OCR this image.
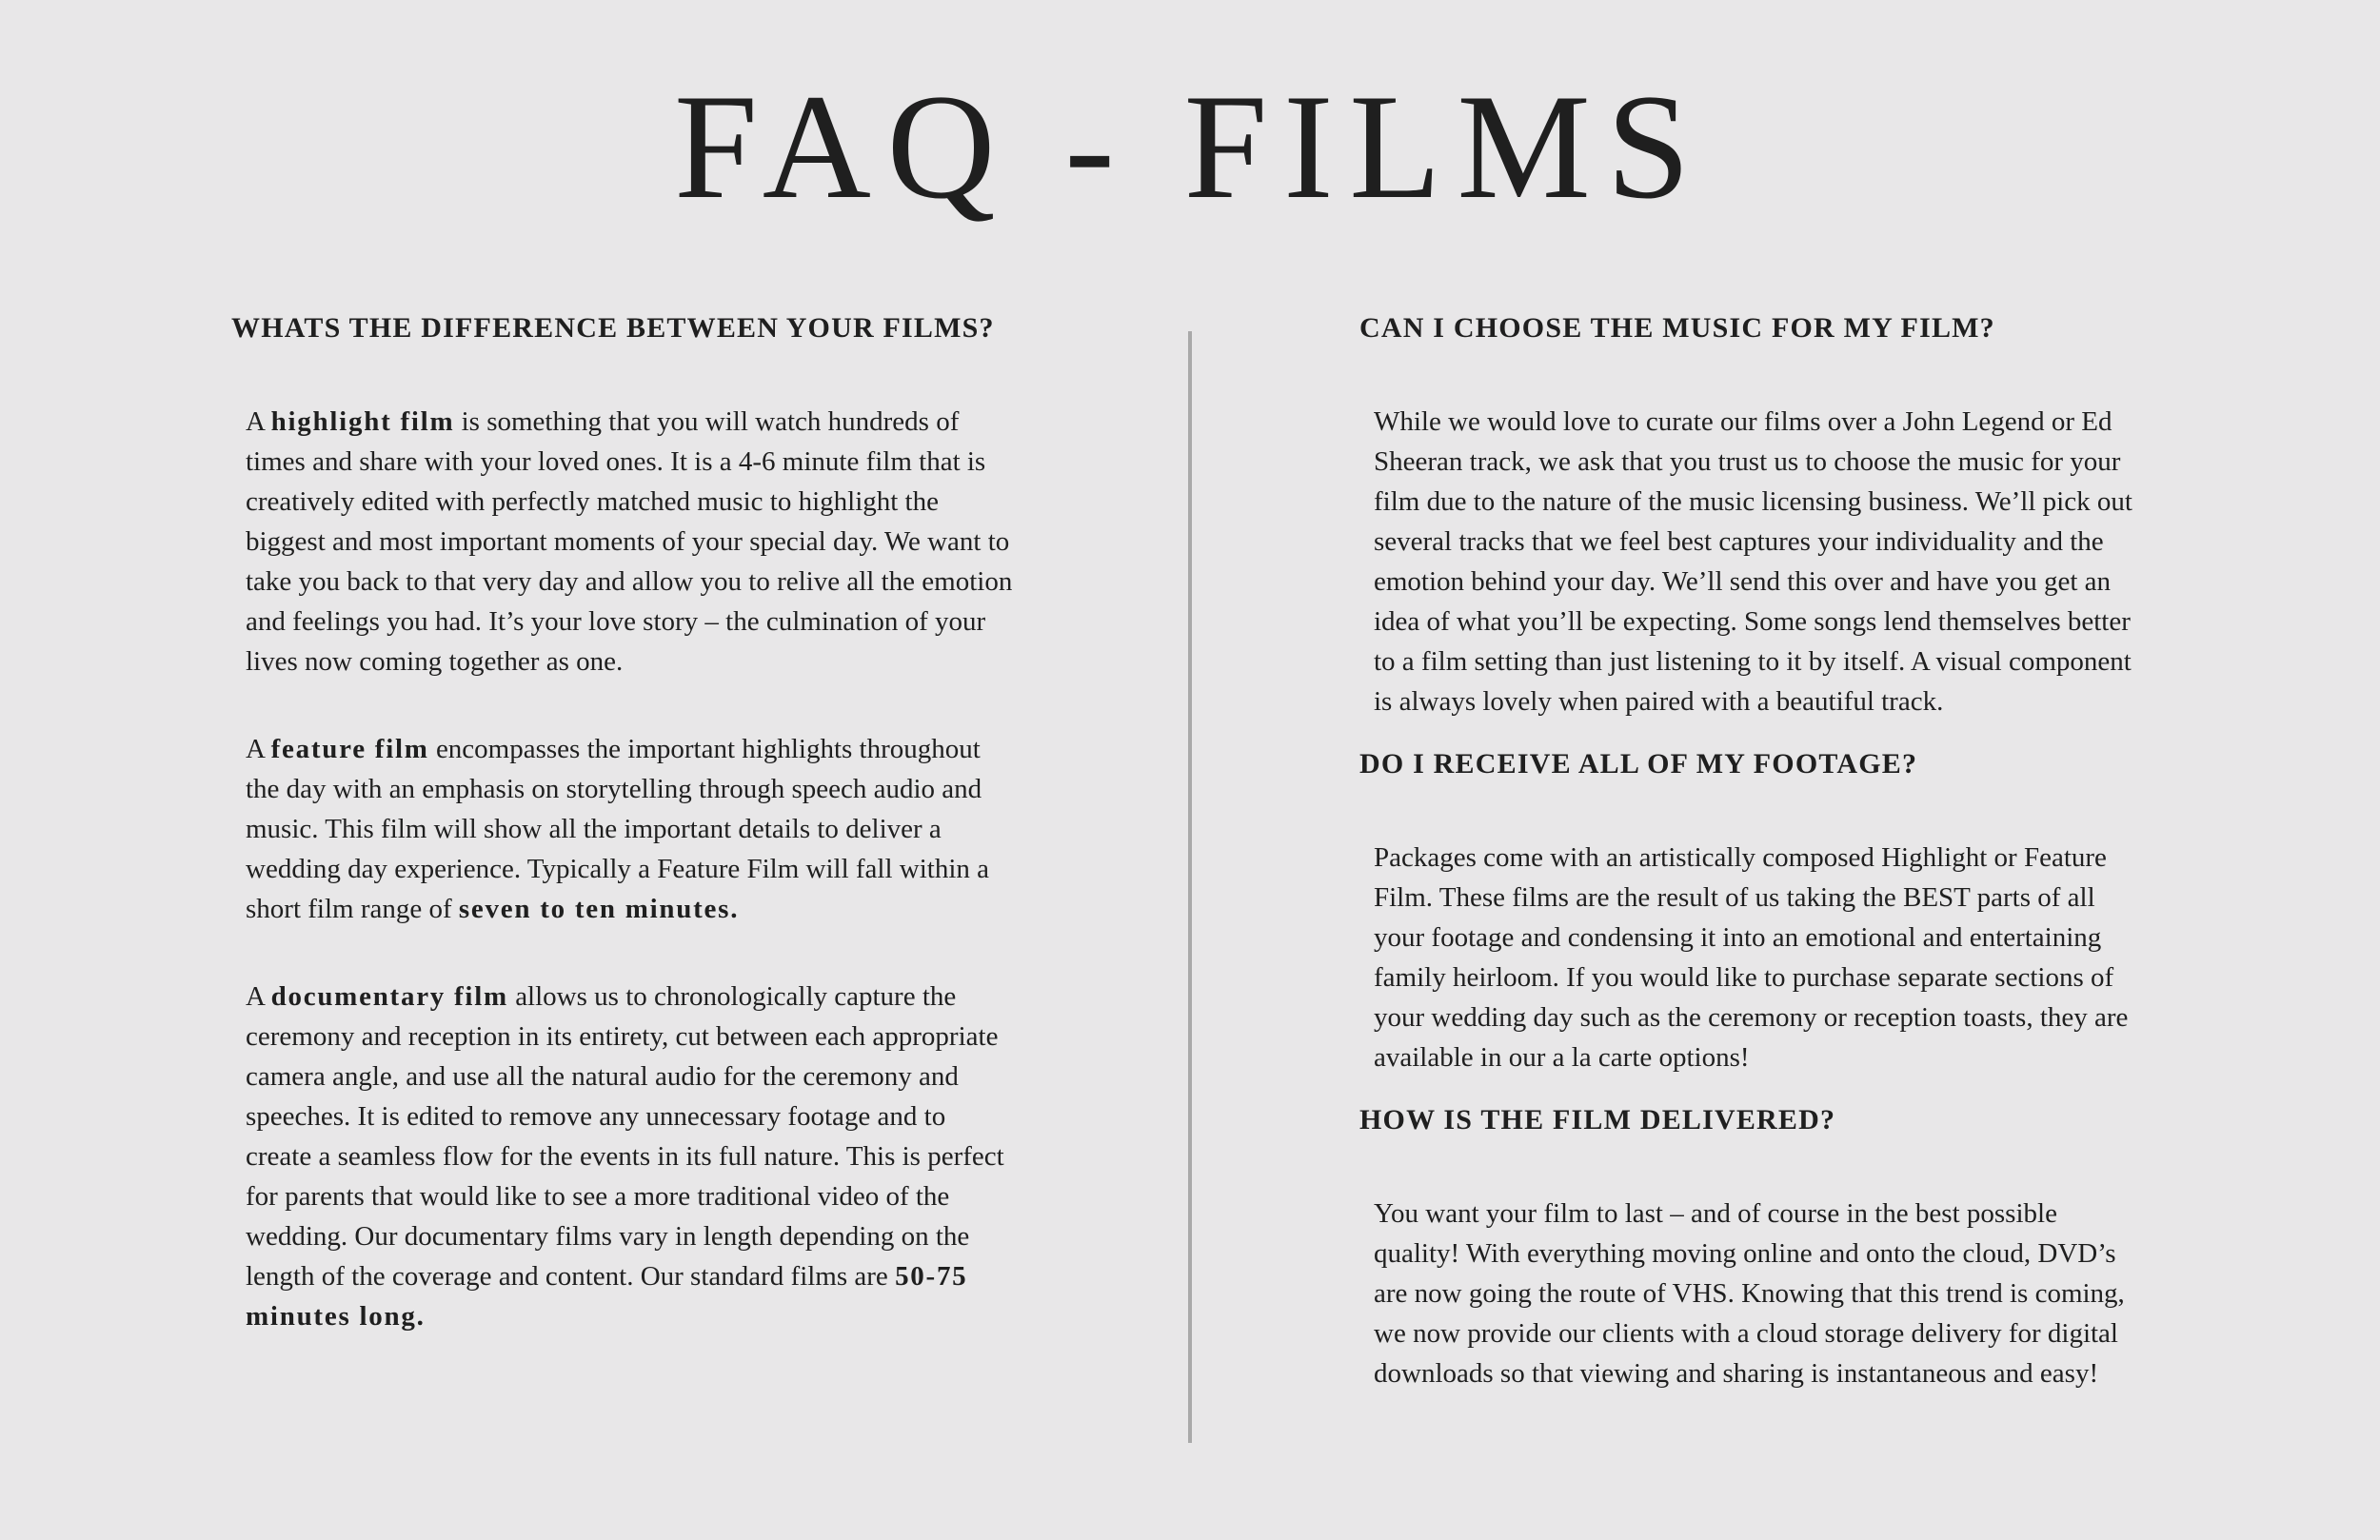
FAQ - FILMS
WHATS THE DIFFERENCE BETWEEN YOUR FILMS?

A highlight film is something that you will watch hundreds of times and share with your loved ones. It is a 4-6 minute film that is creatively edited with perfectly matched music to highlight the biggest and most important moments of your special day. We want to take you back to that very day and allow you to relive all the emotion and feelings you had. It’s your love story – the culmination of your lives now coming together as one.

A feature film encompasses the important highlights throughout the day with an emphasis on storytelling through speech audio and music. This film will show all the important details to deliver a wedding day experience. Typically a Feature Film will fall within a short film range of seven to ten minutes.

A documentary film allows us to chronologically capture the ceremony and reception in its entirety, cut between each appropriate camera angle, and use all the natural audio for the ceremony and speeches. It is edited to remove any unnecessary footage and to create a seamless flow for the events in its full nature. This is perfect for parents that would like to see a more traditional video of the wedding. Our documentary films vary in length depending on the length of the coverage and content. Our standard films are 50-75 minutes long.

CAN I CHOOSE THE MUSIC FOR MY FILM?

While we would love to curate our films over a John Legend or Ed Sheeran track, we ask that you trust us to choose the music for your film due to the nature of the music licensing business. We’ll pick out several tracks that we feel best captures your individuality and the emotion behind your day. We’ll send this over and have you get an idea of what you’ll be expecting. Some songs lend themselves better to a film setting than just listening to it by itself. A visual component is always lovely when paired with a beautiful track.

DO I RECEIVE ALL OF MY FOOTAGE?

Packages come with an artistically composed Highlight or Feature Film. These films are the result of us taking the BEST parts of all your footage and condensing it into an emotional and entertaining family heirloom. If you would like to purchase separate sections of your wedding day such as the ceremony or reception toasts, they are available in our a la carte options!

HOW IS THE FILM DELIVERED?

You want your film to last – and of course in the best possible quality! With everything moving online and onto the cloud, DVD’s are now going the route of VHS. Knowing that this trend is coming, we now provide our clients with a cloud storage delivery for digital downloads so that viewing and sharing is instantaneous and easy!
